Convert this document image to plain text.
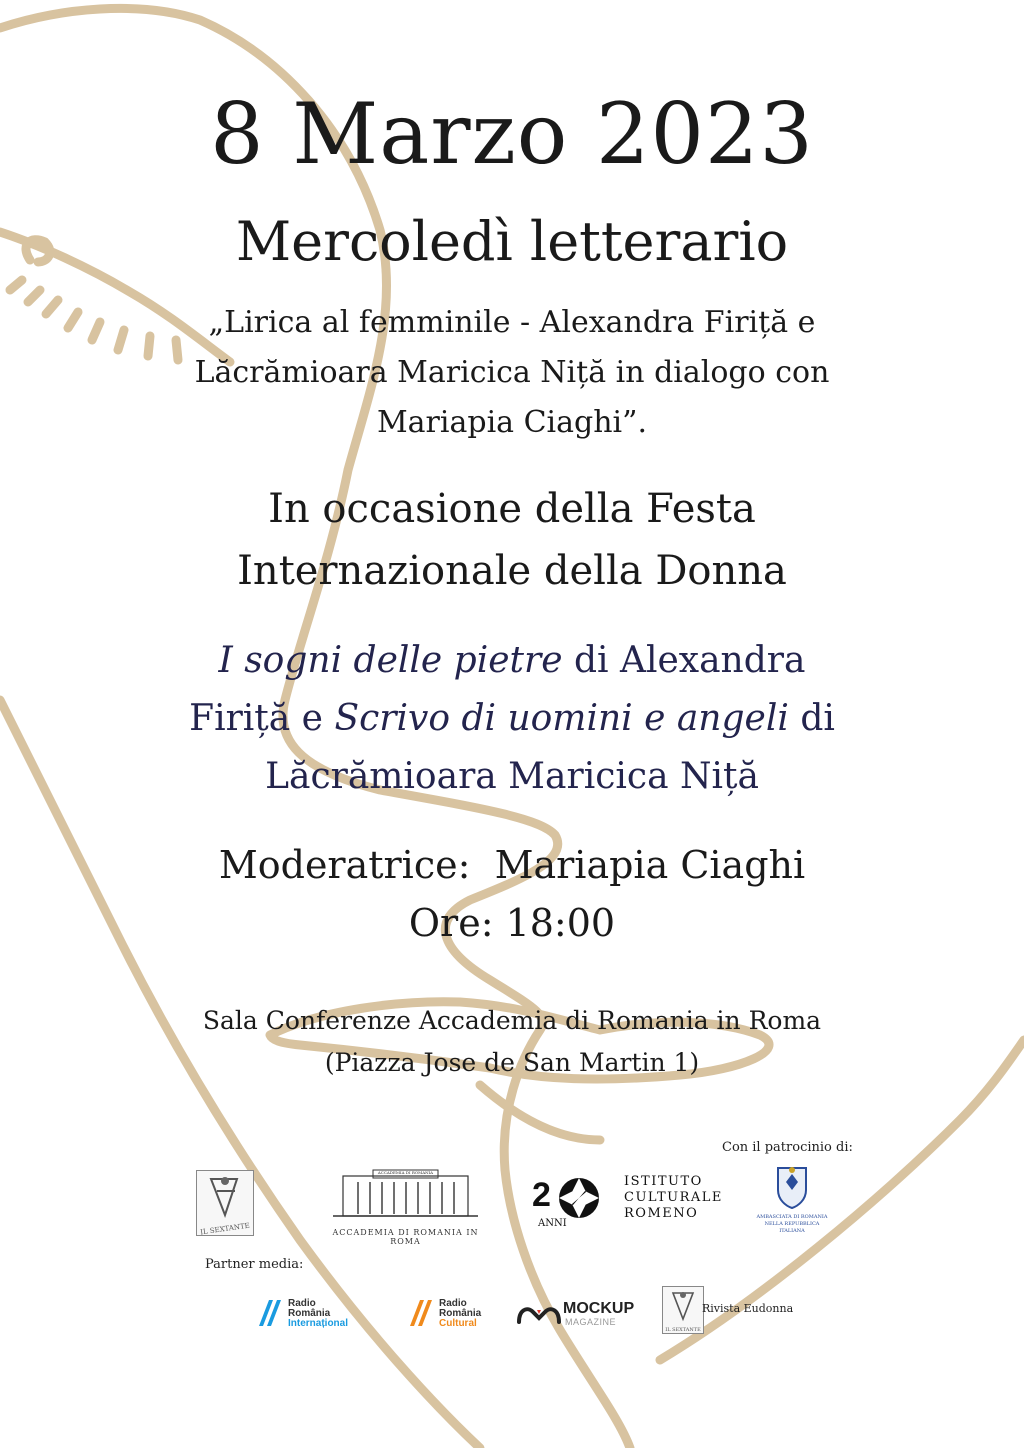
8 Marzo 2023
Mercoledì letterario
„Lirica al femminile - Alexandra Firiță e
Lăcrămioara Maricica Niță in dialogo con
Mariapia Ciaghi”.
In occasione della Festa
Internazionale della Donna
I sogni delle pietre di Alexandra
Firiță e Scrivo di uomini e angeli di
Lăcrămioara Maricica Niță
Moderatrice:  Mariapia Ciaghi
Ore: 18:00
Sala Conferenze Accademia di Romania in Roma
(Piazza Jose de San Martin 1)
Con il patrocinio di:
IL SEXTANTE	ACCADEMIA DI ROMANIA IN ROMA
ACCADEMIA DI ROMANIA
2
ANNI
ISTITUTO
CULTURALE
ROMENO	AMBASCIATA DI ROMANIA
NELLA REPUBBLICA ITALIANA
Partner media:
Radio
România
Internațional
Radio
România
Cultural
MOCKUP
MAGAZINE
IL SEXTANTE
Rivista Eudonna
